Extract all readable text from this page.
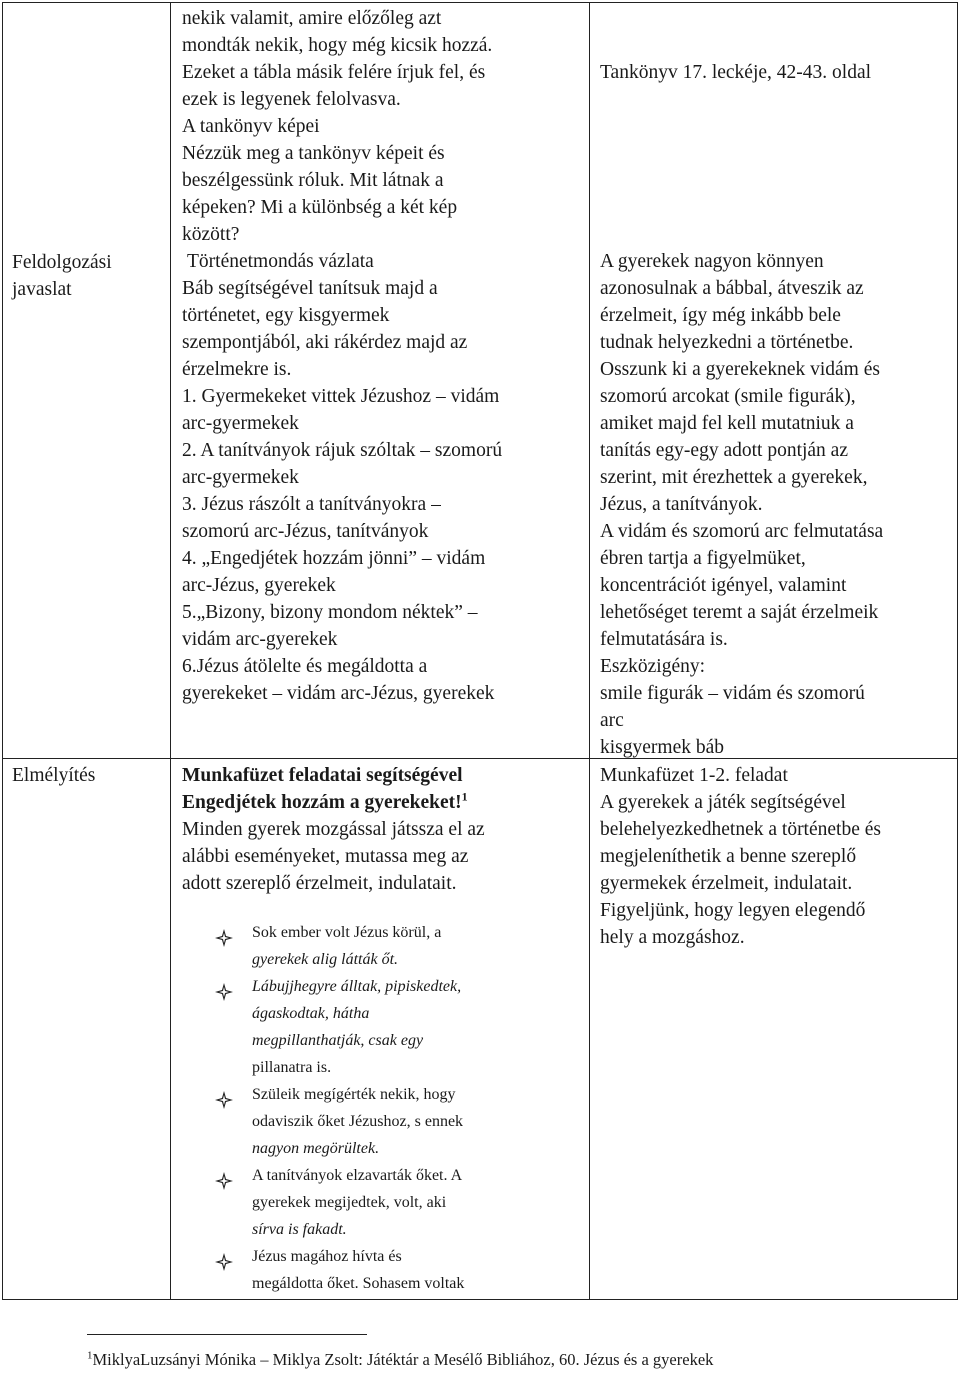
Feldolgozási
javaslat
nekik valamit, amire előzőleg azt
mondták nekik, hogy még kicsik hozzá.
Ezeket a tábla másik felére írjuk fel, és
ezek is legyenek felolvasva.
A tankönyv képei
Nézzük meg a tankönyv képeit és
beszélgessünk róluk. Mit látnak a
képeken? Mi a különbség a két kép
között?
Történetmondás vázlata
Báb segítségével tanítsuk majd a
történetet, egy kisgyermek
szempontjából, aki rákérdez majd az
érzelmekre is.
1. Gyermekeket vittek Jézushoz – vidám
arc-gyermekek
2. A tanítványok rájuk szóltak – szomorú
arc-gyermekek
3. Jézus rászólt a tanítványokra –
szomorú arc-Jézus, tanítványok
4. „Engedjétek hozzám jönni” – vidám
arc-Jézus, gyerekek
5.„Bizony, bizony mondom néktek” –
vidám arc-gyerekek
6.Jézus átölelte és megáldotta a
gyerekeket – vidám arc-Jézus, gyerekek
Tankönyv 17. leckéje, 42-43. oldal
A gyerekek nagyon könnyen
azonosulnak a bábbal, átveszik az
érzelmeit, így még inkább bele
tudnak helyezkedni a történetbe.
Osszunk ki a gyerekeknek vidám és
szomorú arcokat (smile figurák),
amiket majd fel kell mutatniuk a
tanítás egy-egy adott pontján az
szerint, mit érezhettek a gyerekek,
Jézus, a tanítványok.
A vidám és szomorú arc felmutatása
ébren tartja a figyelmüket,
koncentrációt igényel, valamint
lehetőséget teremt a saját érzelmeik
felmutatására is.
Eszközigény:
smile figurák – vidám és szomorú
arc
kisgyermek báb
Elmélyítés	Munkafüzet feladatai segítségével
Engedjétek hozzám a gyerekeket!$^1$
Minden gyerek mozgással játssza el az
alábbi eseményeket, mutassa meg az
adott szereplő érzelmeit, indulatait.
Sok ember volt Jézus körül, a
gyerekek alig látták őt.
Lábujjhegyre álltak, pipiskedtek,
ágaskodtak, hátha
megpillanthatják, csak egy
pillanatra is.
Szüleik megígérték nekik, hogy
odaviszik őket Jézushoz, s ennek
nagyon megörültek.
A tanítványok elzavarták őket. A
gyerekek megijedtek, volt, aki
sírva is fakadt.
Jézus magához hívta és
megáldotta őket. Sohasem voltak
Munkafüzet 1-2. feladat
A gyerekek a játék segítségével
belehelyezkedhetnek a történetbe és
megjeleníthetik a benne szereplő
gyermekek érzelmeit, indulatait.
Figyeljünk, hogy legyen elegendő
hely a mozgáshoz.
$^1$MiklyaLuzsányi Mónika – Miklya Zsolt: Játéktár a Mesélő Bibliához, 60. Jézus és a gyerekek
